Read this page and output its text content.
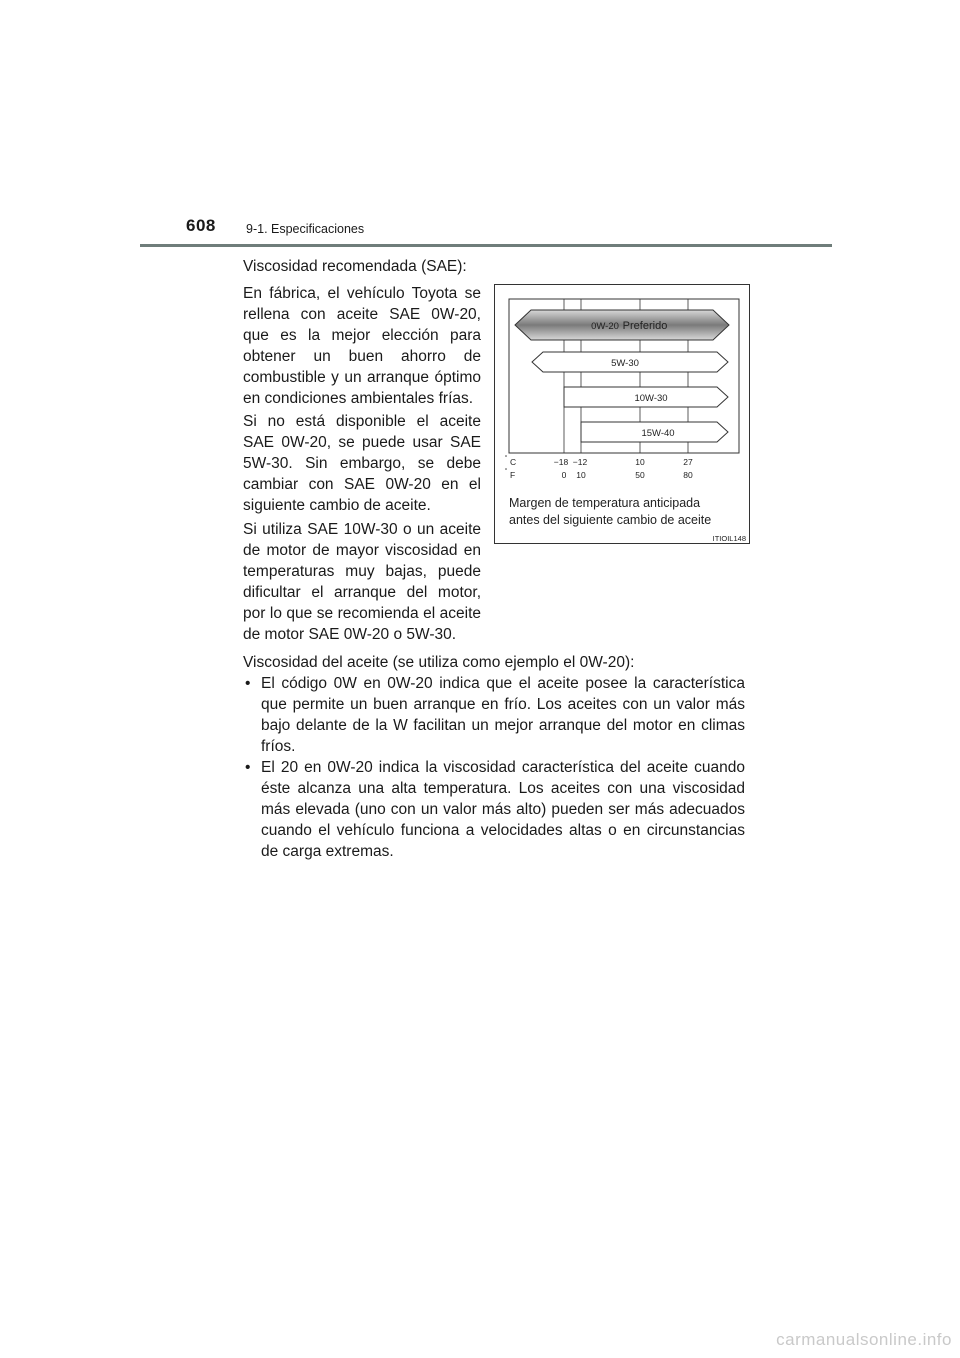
608 9-1. Especificaciones

Viscosidad recomendada (SAE):

En fábrica, el vehículo Toyota se rellena con aceite SAE 0W-20, que es la mejor elección para obtener un buen ahorro de combustible y un arranque óptimo en condiciones ambientales frías.

Si no está disponible el aceite SAE 0W-20, se puede usar SAE 5W-30. Sin embargo, se debe cambiar con SAE 0W-20 en el siguiente cambio de aceite.

Si utiliza SAE 10W-30 o un aceite de motor de mayor viscosidad en temperaturas muy bajas, puede dificultar el arranque del motor, por lo que se recomienda el aceite de motor SAE 0W-20 o 5W-30.

0W-20 Preferido
5W-30
10W-30
15W-40
˚ C
˚ F
−18 −12	10	27
0 10	50	80
Margen de temperatura anticipada
antes del siguiente cambio de aceite
ITIOIL148

Viscosidad del aceite (se utiliza como ejemplo el 0W-20):

• El código 0W en 0W-20 indica que el aceite posee la característica que permite un buen arranque en frío. Los aceites con un valor más bajo delante de la W facilitan un mejor arranque del motor en climas fríos.
• El 20 en 0W-20 indica la viscosidad característica del aceite cuando éste alcanza una alta temperatura. Los aceites con una viscosidad más elevada (uno con un valor más alto) pueden ser más adecuados cuando el vehículo funciona a velocidades altas o en circunstancias de carga extremas.
carmanualsonline.info
